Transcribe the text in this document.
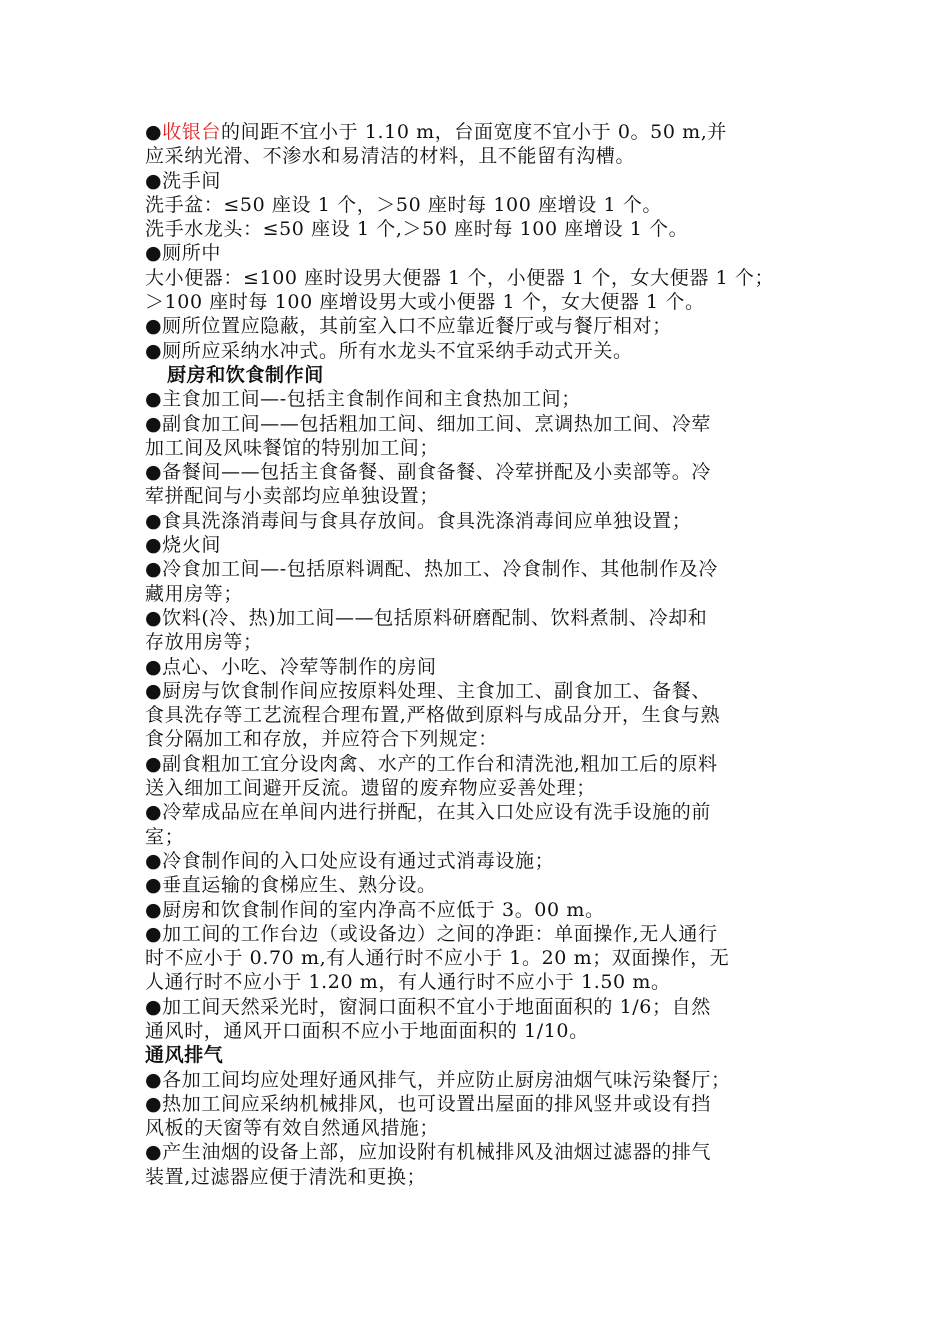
●收银台的间距不宜小于 1.10 m，台面宽度不宜小于 0。50 m,并
应采纳光滑、不渗水和易清洁的材料，且不能留有沟槽。
●洗手间
洗手盆：≤50 座设 1 个，＞50 座时每 100 座增设 1 个。
洗手水龙头：≤50 座设 1 个,＞50 座时每 100 座增设 1 个。
●厕所中
大小便器：≤100 座时设男大便器 1 个，小便器 1 个，女大便器 1 个；
＞100 座时每 100 座增设男大或小便器 1 个，女大便器 1 个。
●厕所位置应隐蔽，其前室入口不应靠近餐厅或与餐厅相对；
●厕所应采纳水冲式。所有水龙头不宜采纳手动式开关。
厨房和饮食制作间
●主食加工间—-包括主食制作间和主食热加工间；
●副食加工间——包括粗加工间、细加工间、烹调热加工间、冷荤
加工间及风味餐馆的特别加工间；
●备餐间——包括主食备餐、副食备餐、冷荤拼配及小卖部等。冷
荤拼配间与小卖部均应单独设置；
●食具洗涤消毒间与食具存放间。食具洗涤消毒间应单独设置；
●烧火间
●冷食加工间—-包括原料调配、热加工、冷食制作、其他制作及冷
藏用房等；
●饮料(冷、热)加工间——包括原料研磨配制、饮料煮制、冷却和
存放用房等；
●点心、小吃、冷荤等制作的房间
●厨房与饮食制作间应按原料处理、主食加工、副食加工、备餐、
食具洗存等工艺流程合理布置,严格做到原料与成品分开，生食与熟
食分隔加工和存放，并应符合下列规定：
●副食粗加工宜分设肉禽、水产的工作台和清洗池,粗加工后的原料
送入细加工间避开反流。遗留的废弃物应妥善处理；
●冷荤成品应在单间内进行拼配，在其入口处应设有洗手设施的前
室；
●冷食制作间的入口处应设有通过式消毒设施；
●垂直运输的食梯应生、熟分设。
●厨房和饮食制作间的室内净高不应低于 3。00 m。
●加工间的工作台边（或设备边）之间的净距：单面操作,无人通行
时不应小于 0.70 m,有人通行时不应小于 1。20 m；双面操作，无
人通行时不应小于 1.20 m，有人通行时不应小于 1.50 m。
●加工间天然采光时，窗洞口面积不宜小于地面面积的 1/6；自然
通风时，通风开口面积不应小于地面面积的 1/10。
通风排气
●各加工间均应处理好通风排气，并应防止厨房油烟气味污染餐厅；
●热加工间应采纳机械排风，也可设置出屋面的排风竖井或设有挡
风板的天窗等有效自然通风措施；
●产生油烟的设备上部，应加设附有机械排风及油烟过滤器的排气
装置,过滤器应便于清洗和更换；
